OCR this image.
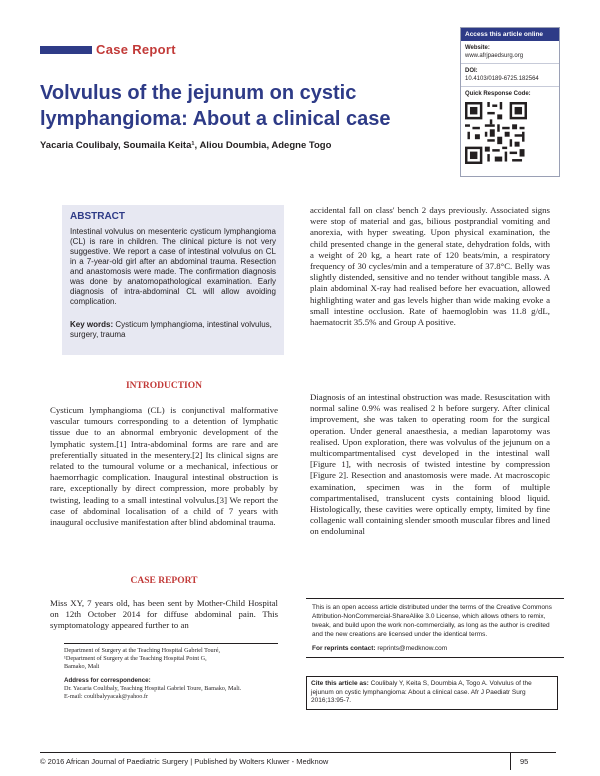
Case Report
Volvulus of the jejunum on cystic lymphangioma: About a clinical case
Yacaria Coulibaly, Soumaila Keita¹, Aliou Doumbia, Adegne Togo
Access this article online
Website:
www.afrjpaedsurg.org
DOI:
10.4103/0189-6725.182564
Quick Response Code:
ABSTRACT

Intestinal volvulus on mesenteric cysticum lymphangioma (CL) is rare in children. The clinical picture is not very suggestive. We report a case of intestinal volvulus on CL in a 7-year-old girl after an abdominal trauma. Resection and anastomosis were made. The confirmation diagnosis was done by anatomopathological examination. Early diagnosis of intra-abdominal CL will allow avoiding complication.

Key words: Cysticum lymphangioma, intestinal volvulus, surgery, trauma

INTRODUCTION

Cysticum lymphangioma (CL) is conjunctival malformative vascular tumours corresponding to a detention of lymphatic tissue due to an abnormal embryonic development of the lymphatic system.[1] Intra-abdominal forms are rare and are preferentially situated in the mesentery.[2] Its clinical signs are related to the tumoural volume or a mechanical, infectious or haemorrhagic complication. Inaugural intestinal obstruction is rare, exceptionally by direct compression, more probably by twisting, leading to a small intestinal volvulus.[3] We report the case of abdominal localisation of a child of 7 years with inaugural occlusive manifestation after blind abdominal trauma.

CASE REPORT

Miss XY, 7 years old, has been sent by Mother-Child Hospital on 12th October 2014 for diffuse abdominal pain. This symptomatology appeared further to an

accidental fall on class' bench 2 days previously. Associated signs were stop of material and gas, bilious postprandial vomiting and anorexia, with hyper sweating. Upon physical examination, the child presented change in the general state, dehydration folds, with a weight of 20 kg, a heart rate of 120 beats/min, a respiratory frequency of 30 cycles/min and a temperature of 37.8°C. Belly was slightly distended, sensitive and no tender without tangible mass. A plain abdominal X-ray had realised before her evacuation, allowed highlighting water and gas levels higher than wide making evoke a small intestine occlusion. Rate of haemoglobin was 11.8 g/dL, haematocrit 35.5% and Group A positive.

Diagnosis of an intestinal obstruction was made. Resuscitation with normal saline 0.9% was realised 2 h before surgery. After clinical improvement, she was taken to operating room for the surgical operation. Under general anaesthesia, a median laparotomy was realised. Upon exploration, there was volvulus of the jejunum on a multicompartmentalised cyst developed in the intestinal wall [Figure 1], with necrosis of twisted intestine by compression [Figure 2]. Resection and anastomosis were made. At macroscopic examination, specimen was in the form of multiple compartmentalised, translucent cysts containing blood liquid. Histologically, these cavities were optically empty, limited by fine collagenic wall containing slender smooth muscular fibres and lined on endoluminal

Department of Surgery at the Teaching Hospital Gabriel Touré,

¹Department of Surgery at the Teaching Hospital Point G,

Bamako, Mali

Address for correspondence:

Dr. Yacaria Coulibaly, Teaching Hospital Gabriel Toure, Bamako, Mali.

E-mail: coulibalyyacak@yahoo.fr

This is an open access article distributed under the terms of the Creative Commons Attribution-NonCommercial-ShareAlike 3.0 License, which allows others to remix, tweak, and build upon the work non-commercially, as long as the author is credited and the new creations are licensed under the identical terms.

For reprints contact: reprints@medknow.com

Cite this article as: Coulibaly Y, Keita S, Doumbia A, Togo A. Volvulus of the jejunum on cystic lymphangioma: About a clinical case. Afr J Paediatr Surg 2016;13:95-7.
© 2016 African Journal of Paediatric Surgery | Published by Wolters Kluwer - Medknow	95
